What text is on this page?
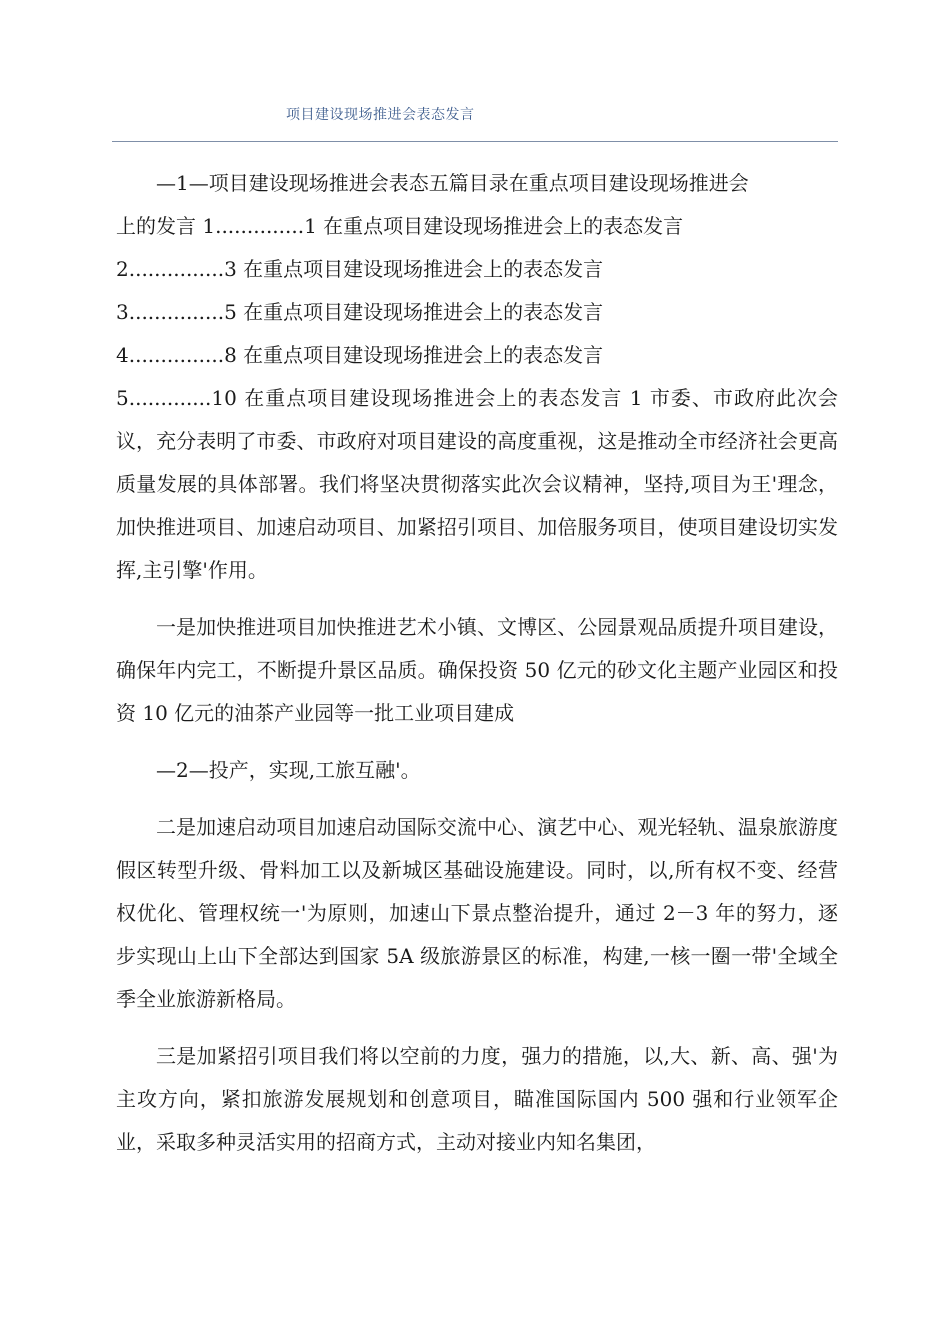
项目建设现场推进会表态发言

—1—项目建设现场推进会表态五篇目录在重点项目建设现场推进会

上的发言 1..............1 在重点项目建设现场推进会上的表态发言

2...............3 在重点项目建设现场推进会上的表态发言

3...............5 在重点项目建设现场推进会上的表态发言

4...............8 在重点项目建设现场推进会上的表态发言

5.............10 在重点项目建设现场推进会上的表态发言 1 市委、市政府此次会议，充分表明了市委、市政府对项目建设的高度重视，这是推动全市经济社会更高质量发展的具体部署。我们将坚决贯彻落实此次会议精神，坚持,项目为王'理念，加快推进项目、加速启动项目、加紧招引项目、加倍服务项目，使项目建设切实发挥,主引擎'作用。

一是加快推进项目加快推进艺术小镇、文博区、公园景观品质提升项目建设，确保年内完工，不断提升景区品质。确保投资 50 亿元的砂文化主题产业园区和投资 10 亿元的油茶产业园等一批工业项目建成

—2—投产，实现,工旅互融'。

二是加速启动项目加速启动国际交流中心、演艺中心、观光轻轨、温泉旅游度假区转型升级、骨料加工以及新城区基础设施建设。同时，以,所有权不变、经营权优化、管理权统一'为原则，加速山下景点整治提升，通过 2－3 年的努力，逐步实现山上山下全部达到国家 5A 级旅游景区的标准，构建,一核一圈一带'全域全季全业旅游新格局。

三是加紧招引项目我们将以空前的力度，强力的措施，以,大、新、高、强'为主攻方向，紧扣旅游发展规划和创意项目，瞄准国际国内 500 强和行业领军企业，采取多种灵活实用的招商方式，主动对接业内知名集团，
